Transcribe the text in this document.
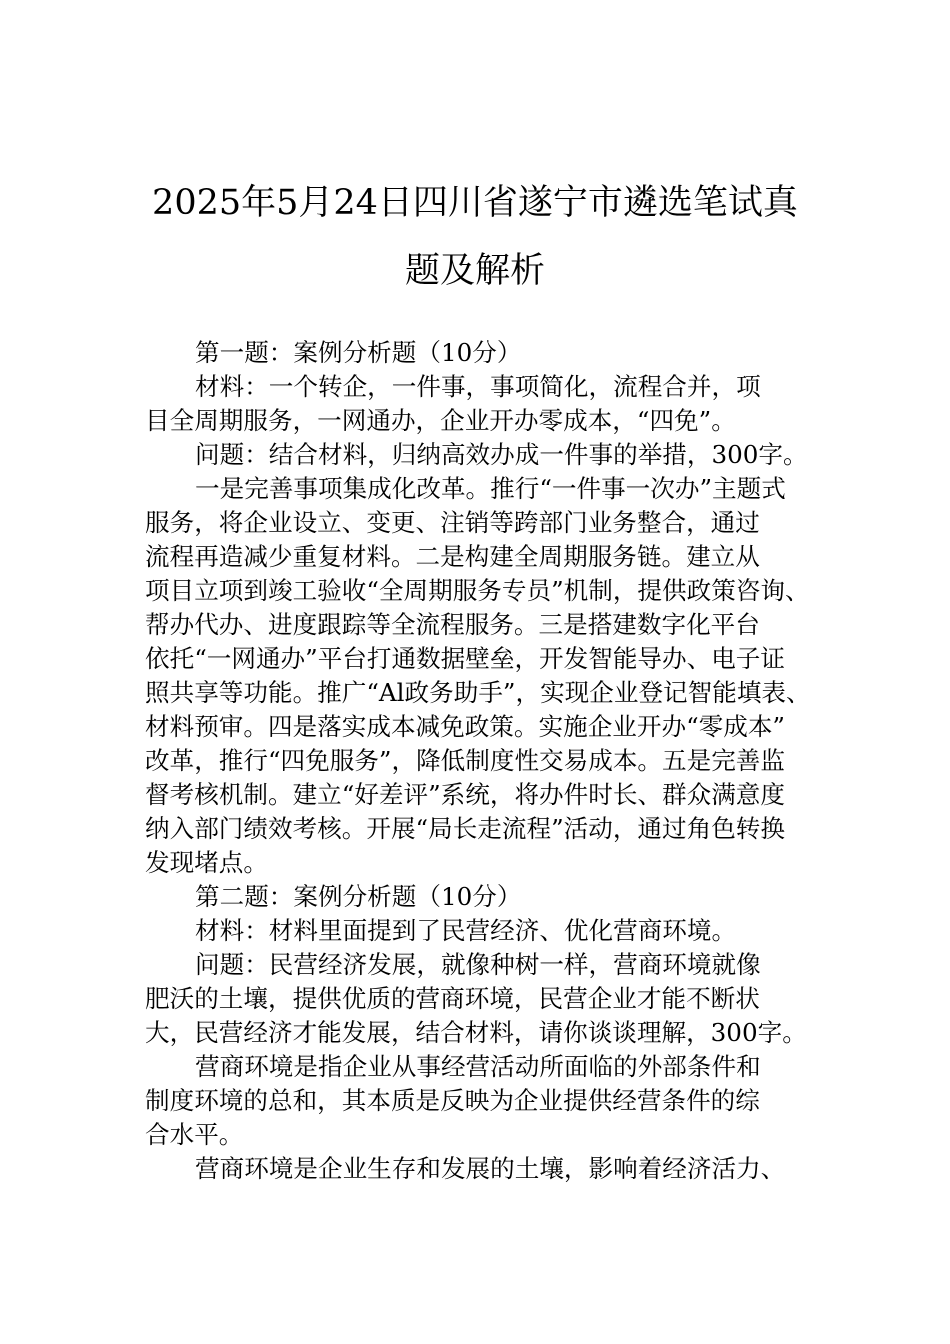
2025年5月24日四川省遂宁市遴选笔试真
题及解析
第一题：案例分析题（10分）
材料：一个转企，一件事，事项简化，流程合并，项
目全周期服务，一网通办，企业开办零成本，“四免”。
问题：结合材料，归纳高效办成一件事的举措，300字。
一是完善事项集成化改革。推行“一件事一次办”主题式
服务，将企业设立、变更、注销等跨部门业务整合，通过
流程再造减少重复材料。二是构建全周期服务链。建立从
项目立项到竣工验收“全周期服务专员”机制，提供政策咨询、
帮办代办、进度跟踪等全流程服务。三是搭建数字化平台
依托“一网通办”平台打通数据壁垒，开发智能导办、电子证
照共享等功能。推广“Al政务助手”，实现企业登记智能填表、
材料预审。四是落实成本减免政策。实施企业开办“零成本”
改革，推行“四免服务”，降低制度性交易成本。五是完善监
督考核机制。建立“好差评”系统，将办件时长、群众满意度
纳入部门绩效考核。开展“局长走流程”活动，通过角色转换
发现堵点。
第二题：案例分析题（10分）
材料：材料里面提到了民营经济、优化营商环境。
问题：民营经济发展，就像种树一样，营商环境就像
肥沃的土壤，提供优质的营商环境，民营企业才能不断状
大，民营经济才能发展，结合材料，请你谈谈理解，300字。
营商环境是指企业从事经营活动所面临的外部条件和
制度环境的总和，其本质是反映为企业提供经营条件的综
合水平。
营商环境是企业生存和发展的土壤，影响着经济活力、
